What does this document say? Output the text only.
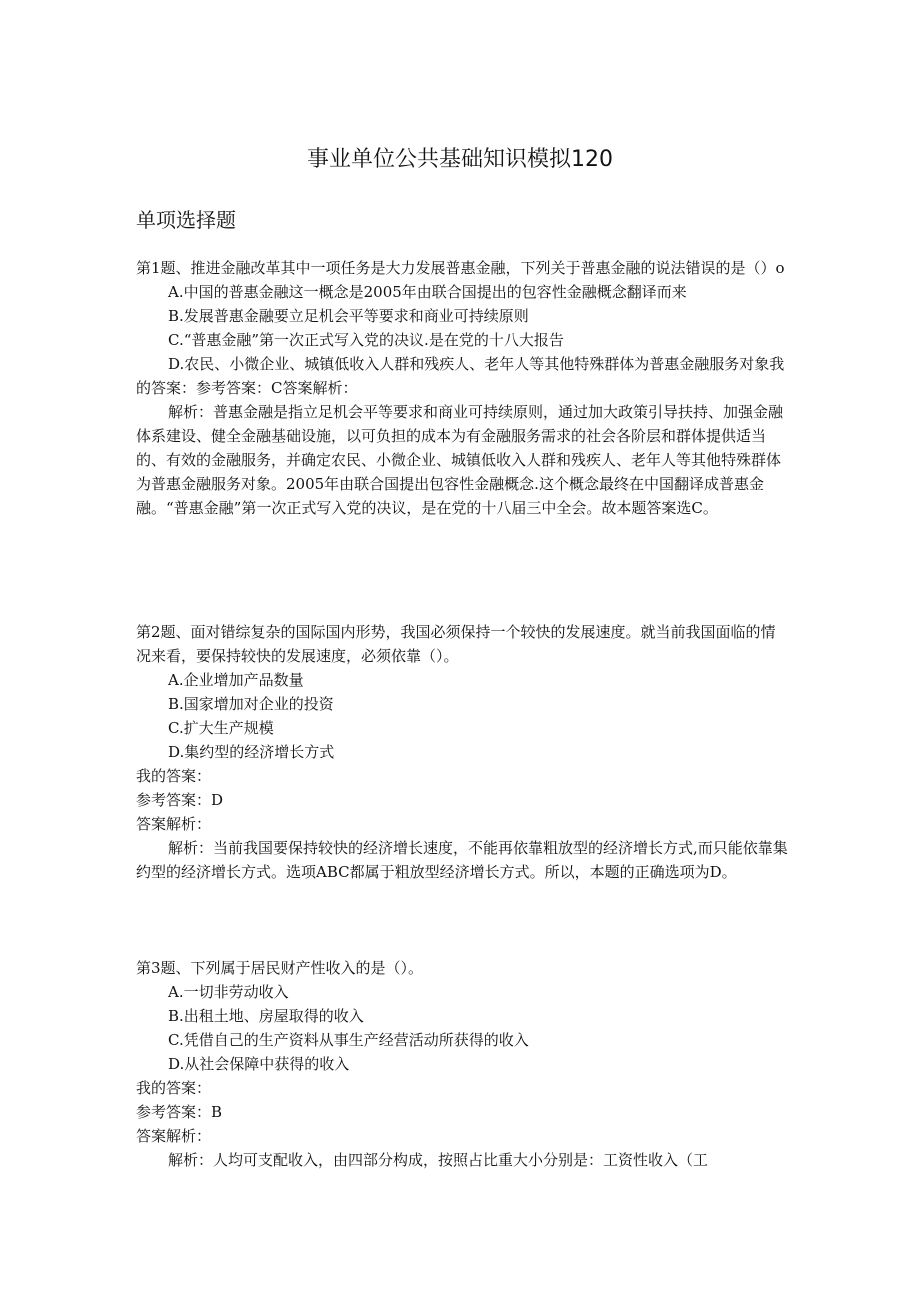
事业单位公共基础知识模拟120
单项选择题

第1题、推进金融改革其中一项任务是大力发展普惠金融，下列关于普惠金融的说法错误的是（）o

A.中国的普惠金融这一概念是2005年由联合国提出的包容性金融概念翻译而来

B.发展普惠金融要立足机会平等要求和商业可持续原则

C.“普惠金融”第一次正式写入党的决议.是在党的十八大报告

D.农民、小微企业、城镇低收入人群和残疾人、老年人等其他特殊群体为普惠金融服务对象我的答案：参考答案：C答案解析：

解析：普惠金融是指立足机会平等要求和商业可持续原则，通过加大政策引导扶持、加强金融体系建设、健全金融基础设施，以可负担的成本为有金融服务需求的社会各阶层和群体提供适当的、有效的金融服务，并确定农民、小微企业、城镇低收入人群和残疾人、老年人等其他特殊群体为普惠金融服务对象。2005年由联合国提出包容性金融概念.这个概念最终在中国翻译成普惠金融。“普惠金融”第一次正式写入党的决议，是在党的十八届三中全会。故本题答案选C。

第2题、面对错综复杂的国际国内形势，我国必须保持一个较快的发展速度。就当前我国面临的情况来看，要保持较快的发展速度，必须依靠（）。

A.企业增加产品数量

B.国家增加对企业的投资

C.扩大生产规模

D.集约型的经济增长方式

我的答案：

参考答案：D

答案解析：

解析：当前我国要保持较快的经济增长速度，不能再依靠粗放型的经济增长方式,而只能依靠集约型的经济增长方式。选项ABC都属于粗放型经济增长方式。所以，本题的正确选项为D。

第3题、下列属于居民财产性收入的是（）。

A.一切非劳动收入

B.出租土地、房屋取得的收入

C.凭借自己的生产资料从事生产经营活动所获得的收入

D.从社会保障中获得的收入

我的答案：

参考答案：B

答案解析：

解析：人均可支配收入，由四部分构成，按照占比重大小分别是：工资性收入（工
